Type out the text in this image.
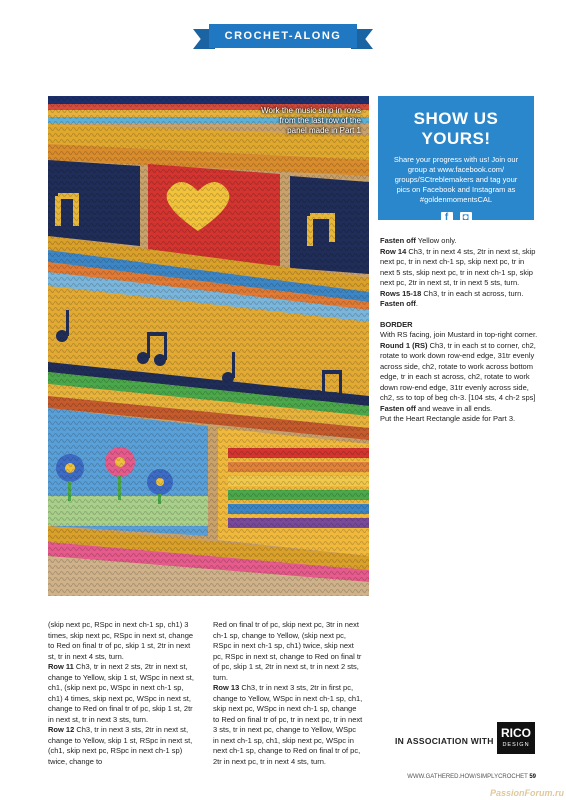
CROCHET-ALONG
Work the music strip in rows from the last row of the panel made in Part 1
SHOW US YOURS!
Share your progress with us! Join our group at www.facebook.com/ groups/SCtreblemakers and tag your pics on Facebook and Instagram as #goldenmomentsCAL
f	◘

Fasten off Yellow only.

Row 14 Ch3, tr in next 4 sts, 2tr in next st, skip next pc, tr in next ch-1 sp, skip next pc, tr in next 5 sts, skip next pc, tr in next ch-1 sp, skip next pc, 2tr in next st, tr in next 5 sts, turn.

Rows 15-18 Ch3, tr in each st across, turn.

Fasten off.

BORDER

With RS facing, join Mustard in top-right corner.

Round 1 (RS) Ch3, tr in each st to corner, ch2, rotate to work down row-end edge, 31tr evenly across side, ch2, rotate to work across bottom edge, tr in each st across, ch2, rotate to work down row-end edge, 31tr evenly across side, ch2, ss to top of beg ch-3. [104 sts, 4 ch-2 sps]

Fasten off and weave in all ends.

Put the Heart Rectangle aside for Part 3.

(skip next pc, RSpc in next ch-1 sp, ch1) 3 times, skip next pc, RSpc in next st, change to Red on final tr of pc, skip 1 st, 2tr in next st, tr in next 4 sts, turn.

Row 11 Ch3, tr in next 2 sts, 2tr in next st, change to Yellow, skip 1 st, WSpc in next st, ch1, (skip next pc, WSpc in next ch-1 sp, ch1) 4 times, skip next pc, WSpc in next st, change to Red on final tr of pc, skip 1 st, 2tr in next st, tr in next 3 sts, turn.

Row 12 Ch3, tr in next 3 sts, 2tr in next st, change to Yellow, skip 1 st, RSpc in next st, (ch1, skip next pc, RSpc in next ch-1 sp) twice, change to

Red on final tr of pc, skip next pc, 3tr in next ch-1 sp, change to Yellow, (skip next pc, RSpc in next ch-1 sp, ch1) twice, skip next pc, RSpc in next st, change to Red on final tr of pc, skip 1 st, 2tr in next st, tr in next 2 sts, turn.

Row 13 Ch3, tr in next 3 sts, 2tr in first pc, change to Yellow, WSpc in next ch-1 sp, ch1, skip next pc, WSpc in next ch-1 sp, change to Red on final tr of pc, tr in next pc, tr in next 3 sts, tr in next pc, change to Yellow, WSpc in next ch-1 sp, ch1, skip next pc, WSpc in next ch-1 sp, change to Red on final tr of pc, 2tr in next pc, tr in next 4 sts, turn.

IN ASSOCIATION WITH
RICO
DESIGN
WWW.GATHERED.HOW/SIMPLYCROCHET 59
PassionForum.ru
